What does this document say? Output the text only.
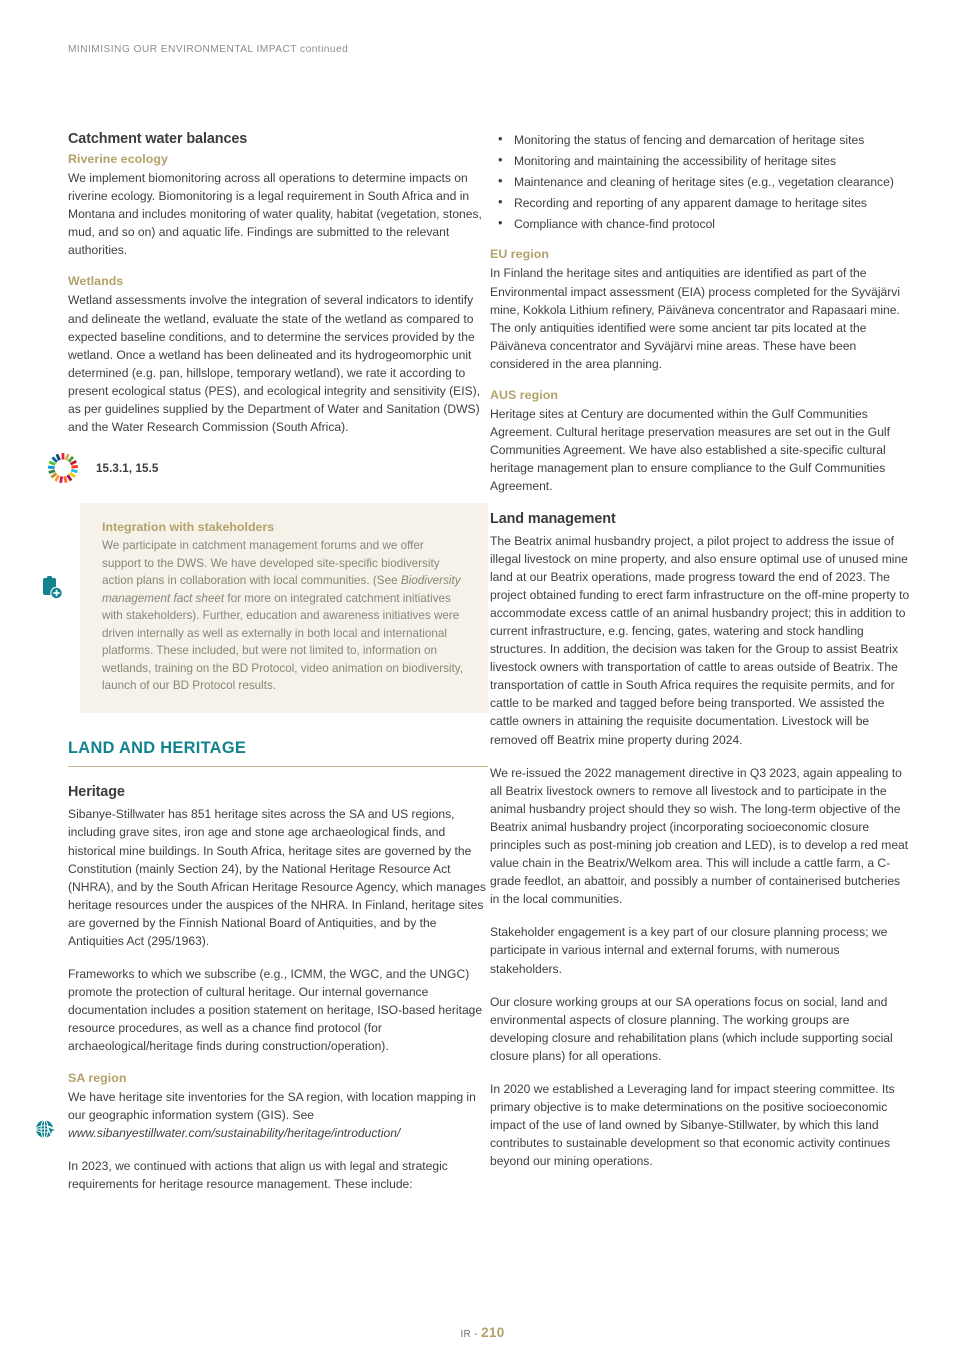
MINIMISING OUR ENVIRONMENTAL IMPACT continued
Catchment water balances
Riverine ecology

We implement biomonitoring across all operations to determine impacts on riverine ecology. Biomonitoring is a legal requirement in South Africa and in Montana and includes monitoring of water quality, habitat (vegetation, stones, mud, and so on) and aquatic life. Findings are submitted to the relevant authorities.

Wetlands

Wetland assessments involve the integration of several indicators to identify and delineate the wetland, evaluate the state of the wetland as compared to expected baseline conditions, and to determine the services provided by the wetland. Once a wetland has been delineated and its hydrogeomorphic unit determined (e.g. pan, hillslope, temporary wetland), we rate it according to present ecological status (PES), and ecological integrity and sensitivity (EIS), as per guidelines supplied by the Department of Water and Sanitation (DWS) and the Water Research Commission (South Africa).

15.3.1, 15.5
Integration with stakeholders

We participate in catchment management forums and we offer support to the DWS. We have developed site-specific biodiversity action plans in collaboration with local communities. (See Biodiversity management fact sheet for more on integrated catchment initiatives with stakeholders). Further, education and awareness initiatives were driven internally as well as externally in both local and international platforms. These included, but were not limited to, information on wetlands, training on the BD Protocol, video animation on biodiversity, launch of our BD Protocol results.

LAND AND HERITAGE
Heritage

Sibanye-Stillwater has 851 heritage sites across the SA and US regions, including grave sites, iron age and stone age archaeological finds, and historical mine buildings. In South Africa, heritage sites are governed by the Constitution (mainly Section 24), by the National Heritage Resource Act (NHRA), and by the South African Heritage Resource Agency, which manages heritage resources under the auspices of the NHRA. In Finland, heritage sites are governed by the Finnish National Board of Antiquities, and by the Antiquities Act (295/1963).

Frameworks to which we subscribe (e.g., ICMM, the WGC, and the UNGC) promote the protection of cultural heritage. Our internal governance documentation includes a position statement on heritage, ISO-based heritage resource procedures, as well as a chance find protocol (for archaeological/heritage finds during construction/operation).

SA region

We have heritage site inventories for the SA region, with location mapping in our geographic information system (GIS). See www.sibanyestillwater.com/sustainability/heritage/introduction/

In 2023, we continued with actions that align us with legal and strategic requirements for heritage resource management. These include:

• Monitoring the status of fencing and demarcation of heritage sites
• Monitoring and maintaining the accessibility of heritage sites
• Maintenance and cleaning of heritage sites (e.g., vegetation clearance)
• Recording and reporting of any apparent damage to heritage sites
• Compliance with chance-find protocol
EU region

In Finland the heritage sites and antiquities are identified as part of the Environmental impact assessment (EIA) process completed for the Syväjärvi mine, Kokkola Lithium refinery, Päiväneva concentrator and Rapasaari mine. The only antiquities identified were some ancient tar pits located at the Päiväneva concentrator and Syväjärvi mine areas. These have been considered in the area planning.

AUS region

Heritage sites at Century are documented within the Gulf Communities Agreement. Cultural heritage preservation measures are set out in the Gulf Communities Agreement. We have also established a site-specific cultural heritage management plan to ensure compliance to the Gulf Communities Agreement.

Land management

The Beatrix animal husbandry project, a pilot project to address the issue of illegal livestock on mine property, and also ensure optimal use of unused mine land at our Beatrix operations, made progress toward the end of 2023. The project obtained funding to erect farm infrastructure on the off-mine property to accommodate excess cattle of an animal husbandry project; this in addition to current infrastructure, e.g. fencing, gates, watering and stock handling structures. In addition, the decision was taken for the Group to assist Beatrix livestock owners with transportation of cattle to areas outside of Beatrix. The transportation of cattle in South Africa requires the requisite permits, and for cattle to be marked and tagged before being transported. We assisted the cattle owners in attaining the requisite documentation. Livestock will be removed off Beatrix mine property during 2024.

We re-issued the 2022 management directive in Q3 2023, again appealing to all Beatrix livestock owners to remove all livestock and to participate in the animal husbandry project should they so wish. The long-term objective of the Beatrix animal husbandry project (incorporating socioeconomic closure principles such as post-mining job creation and LED), is to develop a red meat value chain in the Beatrix/Welkom area. This will include a cattle farm, a C-grade feedlot, an abattoir, and possibly a number of containerised butcheries in the local communities.

Stakeholder engagement is a key part of our closure planning process; we participate in various internal and external forums, with numerous stakeholders.

Our closure working groups at our SA operations focus on social, land and environmental aspects of closure planning. The working groups are developing closure and rehabilitation plans (which include supporting social closure plans) for all operations.

In 2020 we established a Leveraging land for impact steering committee. Its primary objective is to make determinations on the positive socioeconomic impact of the use of land owned by Sibanye-Stillwater, by which this land contributes to sustainable development so that economic activity continues beyond our mining operations.

IR - 210
